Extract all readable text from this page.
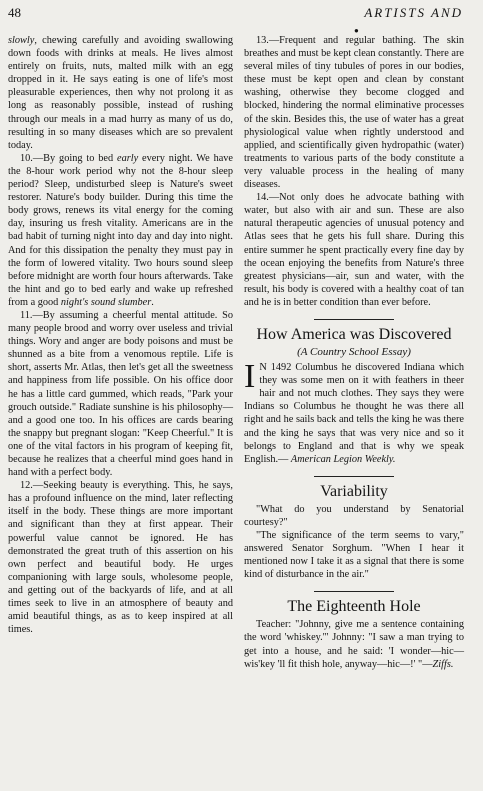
48	ARTISTS AND
●

slowly, chewing carefully and avoiding swallowing down foods with drinks at meals. He lives almost entirely on fruits, nuts, malted milk with an egg dropped in it. He says eating is one of life's most pleasurable experiences, then why not prolong it as long as reasonably possible, instead of rushing through our meals in a mad hurry as many of us do, resulting in so many diseases which are so prevalent today.

10.—By going to bed early every night. We have the 8-hour work period why not the 8-hour sleep period? Sleep, undisturbed sleep is Nature's sweet restorer. Nature's body builder. During this time the body grows, renews its vital energy for the coming day, insuring us fresh vitality. Americans are in the bad habit of turning night into day and day into night. And for this dissipation the penalty they must pay in the form of lowered vitality. Two hours sound sleep before midnight are worth four hours afterwards. Take the hint and go to bed early and wake up refreshed from a good night's sound slumber.

11.—By assuming a cheerful mental attitude. So many people brood and worry over useless and trivial things. Wory and anger are body poisons and must be shunned as a bite from a venomous reptile. Life is short, asserts Mr. Atlas, then let's get all the sweetness and happiness from life possible. On his office door he has a little card gummed, which reads, "Park your grouch outside." Radiate sunshine is his philosophy—and a good one too. In his offices are cards bearing the snappy but pregnant slogan: "Keep Cheerful." It is one of the vital factors in his program of keeping fit, because he realizes that a cheerful mind goes hand in hand with a perfect body.

12.—Seeking beauty is everything. This, he says, has a profound influence on the mind, later reflecting itself in the body. These things are more important and significant than they at first appear. Their powerful value cannot be ignored. He has demonstrated the great truth of this assertion on his own perfect and beautiful body. He urges companioning with large souls, wholesome people, and getting out of the backyards of life, and at all times seek to live in an atmosphere of beauty and amid beautiful things, as as to keep inspired at all times.

13.—Frequent and regular bathing. The skin breathes and must be kept clean constantly. There are several miles of tiny tubules of pores in our bodies, these must be kept open and clean by constant washing, otherwise they become clogged and blocked, hindering the normal eliminative processes of the skin. Besides this, the use of water has a great physiological value when rightly understood and applied, and scientifically given hydropathic (water) treatments to various parts of the body constitute a very valuable process in the healing of many diseases.

14.—Not only does he advocate bathing with water, but also with air and sun. These are also natural therapeutic agencies of unusual potency and Atlas sees that he gets his full share. During this entire summer he spent practically every fine day by the ocean enjoying the benefits from Nature's three greatest physicians—air, sun and water, with the result, his body is covered with a healthy coat of tan and he is in better condition than ever before.

How America was Discovered
(A Country School Essay)

I N 1492 Columbus he discovered Indiana which they was some men on it with feathers in theer hair and not much clothes. They says they were Indians so Columbus he thought he was there all right and he sails back and tells the king he was there and the king he says that was very nice and so it belongs to England and that is why we speak English.— American Legion Weekly.

Variability

"What do you understand by Senatorial courtesy?"

"The significance of the term seems to vary," answered Senator Sorghum. "When I hear it mentioned now I take it as a signal that there is some kind of disturbance in the air."

The Eighteenth Hole

Teacher: "Johnny, give me a sentence containing the word 'whiskey.'" Johnny: "I saw a man trying to get into a house, and he said: 'I wonder—hic—wis'key 'll fit thish hole, anyway—hic—!' "—Ziffs.
